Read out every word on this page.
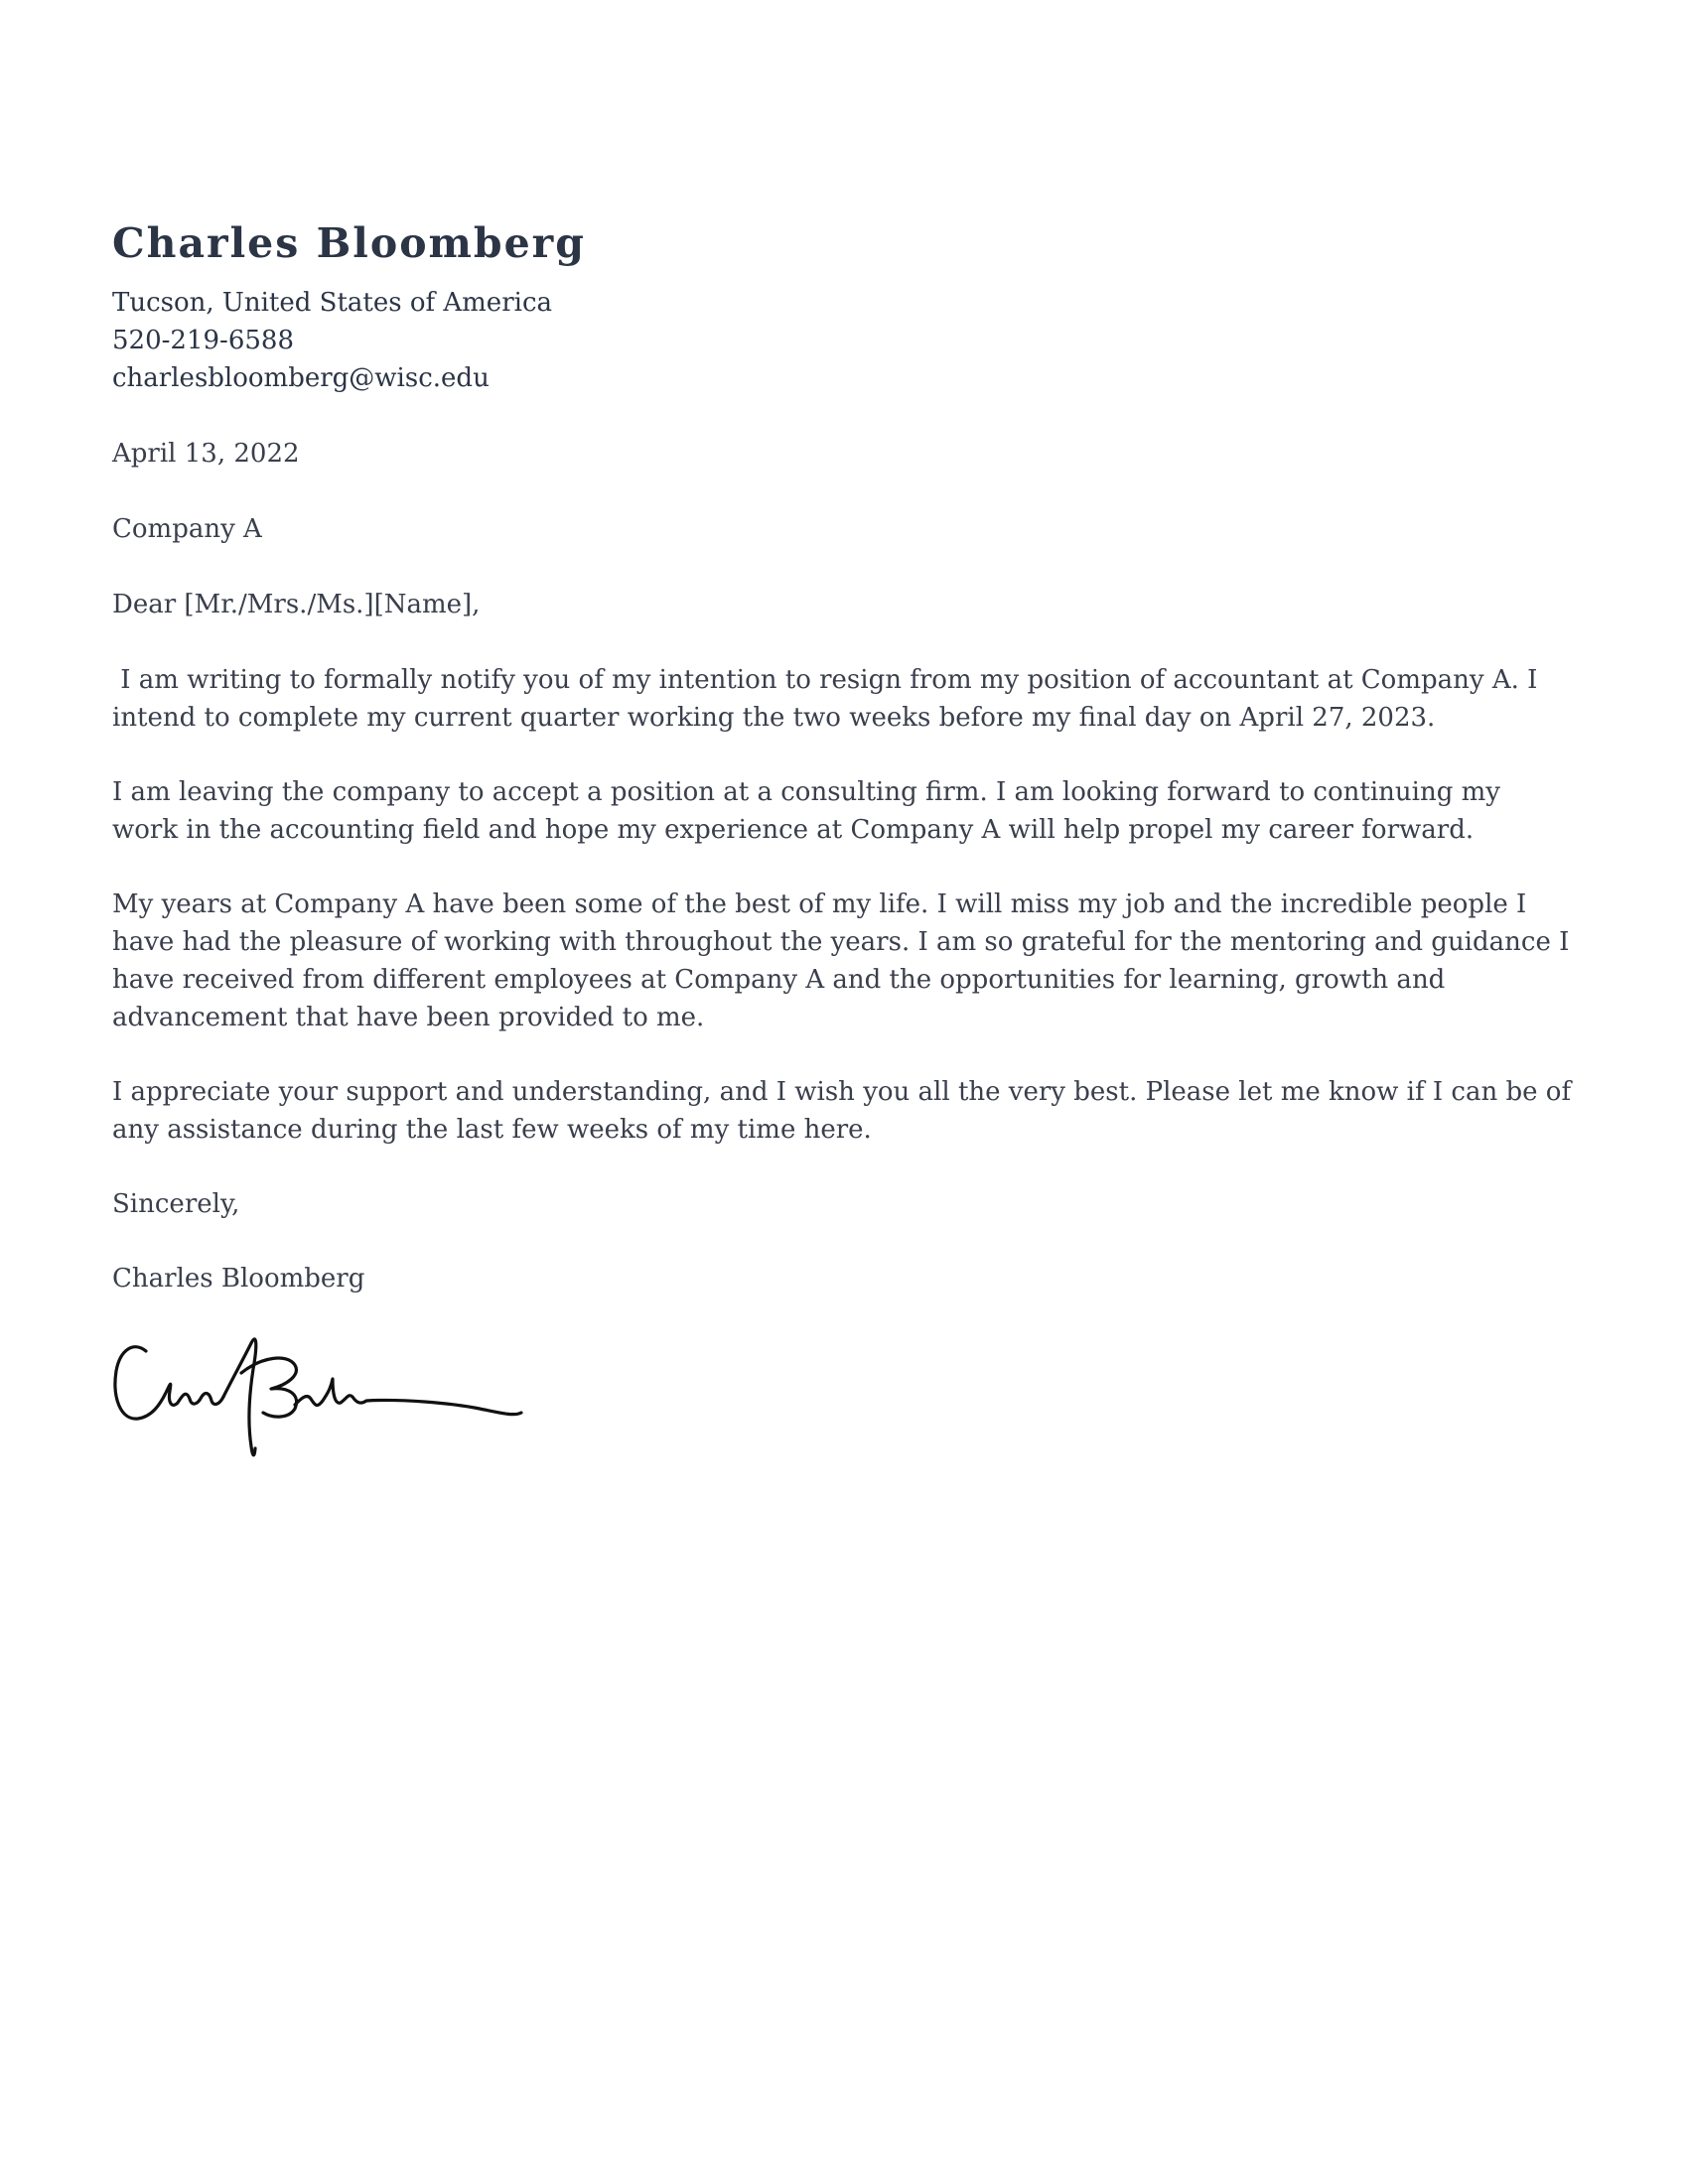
Charles Bloomberg
Tucson, United States of America
520-219-6588
charlesbloomberg@wisc.edu
April 13, 2022
Company A
Dear [Mr./Mrs./Ms.][Name],

I am writing to formally notify you of my intention to resign from my position of accountant at Company A. I intend to complete my current quarter working the two weeks before my final day on April 27, 2023.

I am leaving the company to accept a position at a consulting firm. I am looking forward to continuing my work in the accounting field and hope my experience at Company A will help propel my career forward.

My years at Company A have been some of the best of my life. I will miss my job and the incredible people I have had the pleasure of working with throughout the years. I am so grateful for the mentoring and guidance I have received from different employees at Company A and the opportunities for learning, growth and advancement that have been provided to me.

I appreciate your support and understanding, and I wish you all the very best. Please let me know if I can be of any assistance during the last few weeks of my time here.

Sincerely,
Charles Bloomberg
